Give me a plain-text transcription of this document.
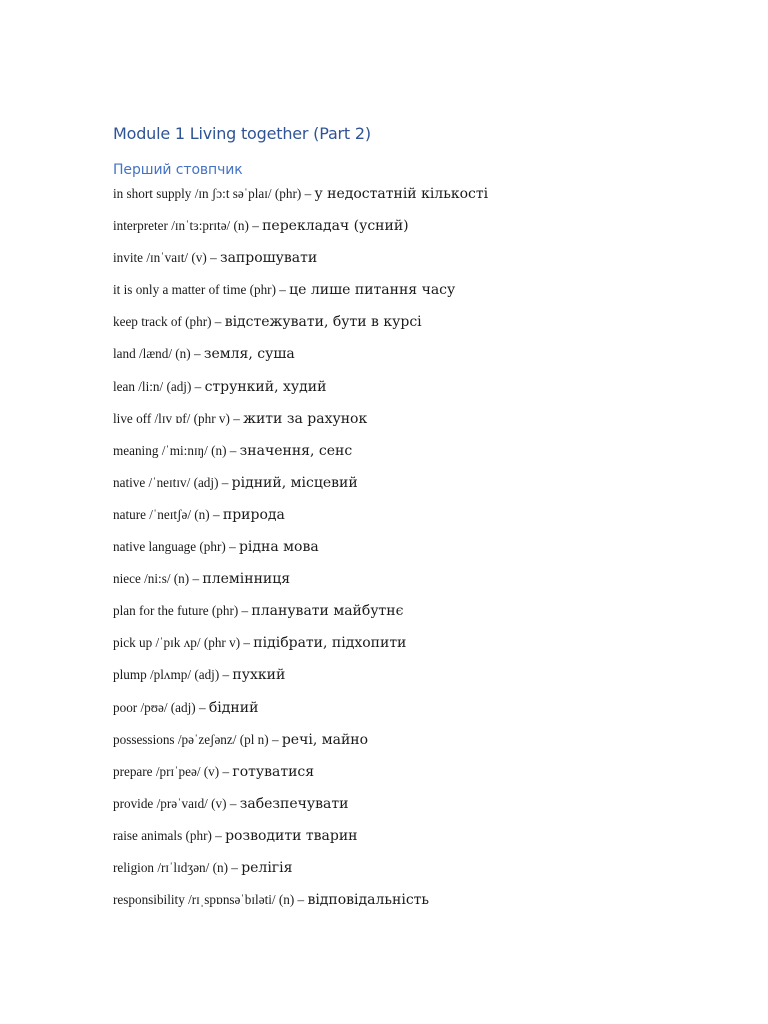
Module 1 Living together (Part 2)
Перший стовпчик
in short supply /ɪn ʃɔ:t səˈplaɪ/ (phr) – у недостатній кількості
interpreter /ɪnˈtɜ:prɪtə/ (n) – перекладач (усний)
invite /ɪnˈvaɪt/ (v) – запрошувати
it is only a matter of time (phr) – це лише питання часу
keep track of (phr) – відстежувати, бути в курсі
land /lænd/ (n) – земля, суша
lean /li:n/ (adj) – стрункий, худий
live off /lɪv ɒf/ (phr v) – жити за рахунок
meaning /ˈmi:nɪŋ/ (n) – значення, сенс
native /ˈneɪtɪv/ (adj) – рідний, місцевий
nature /ˈneɪtʃə/ (n) – природа
native language (phr) – рідна мова
niece /ni:s/ (n) – племінниця
plan for the future (phr) – планувати майбутнє
pick up /ˈpɪk ʌp/ (phr v) – підібрати, підхопити
plump /plʌmp/ (adj) – пухкий
poor /pʊə/ (adj) – бідний
possessions /pəˈzeʃənz/ (pl n) – речі, майно
prepare /prɪˈpeə/ (v) – готуватися
provide /prəˈvaɪd/ (v) – забезпечувати
raise animals (phr) – розводити тварин
religion /rɪˈlɪdʒən/ (n) – релігія
responsibility /rɪˌspɒnsəˈbɪləti/ (n) – відповідальність
